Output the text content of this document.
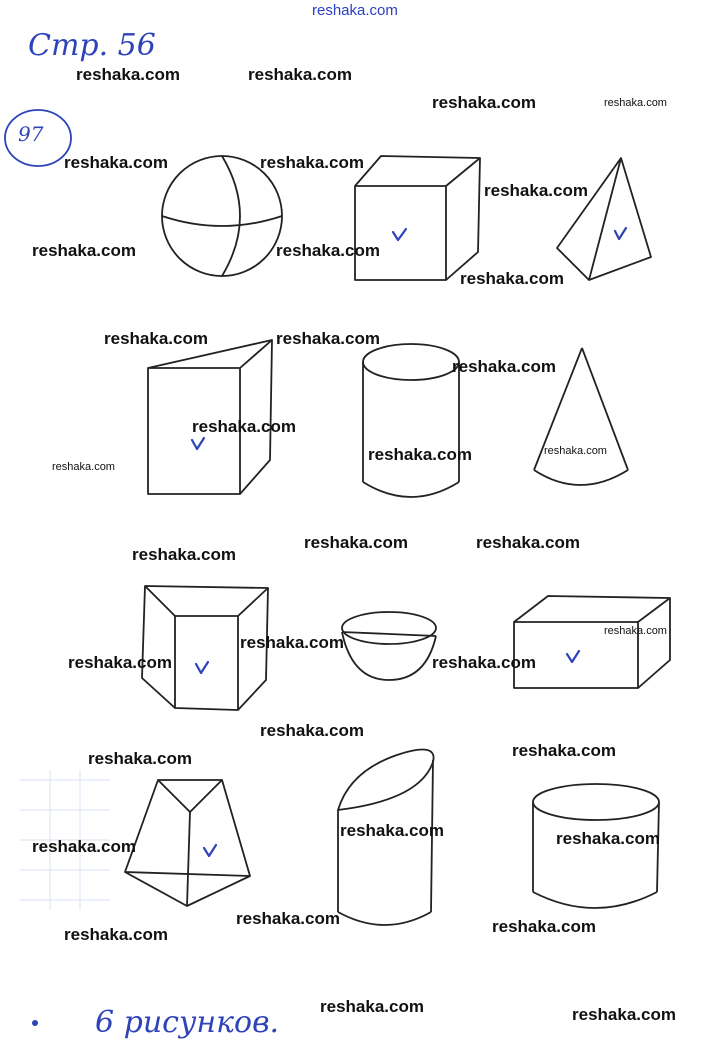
reshaka.com
Стр. 56
97
6 рисунков.
reshaka.com	reshaka.com
reshaka.com	reshaka.com
reshaka.com	reshaka.com
reshaka.com
reshaka.com	reshaka.com
reshaka.com
reshaka.com	reshaka.com
reshaka.com
reshaka.com
reshaka.com	reshaka.com
reshaka.com
reshaka.com	reshaka.com
reshaka.com
reshaka.com
reshaka.com
reshaka.com	reshaka.com
reshaka.com
reshaka.com
reshaka.com
reshaka.com	reshaka.com
reshaka.com
reshaka.com	reshaka.com
reshaka.com
reshaka.com	reshaka.com
